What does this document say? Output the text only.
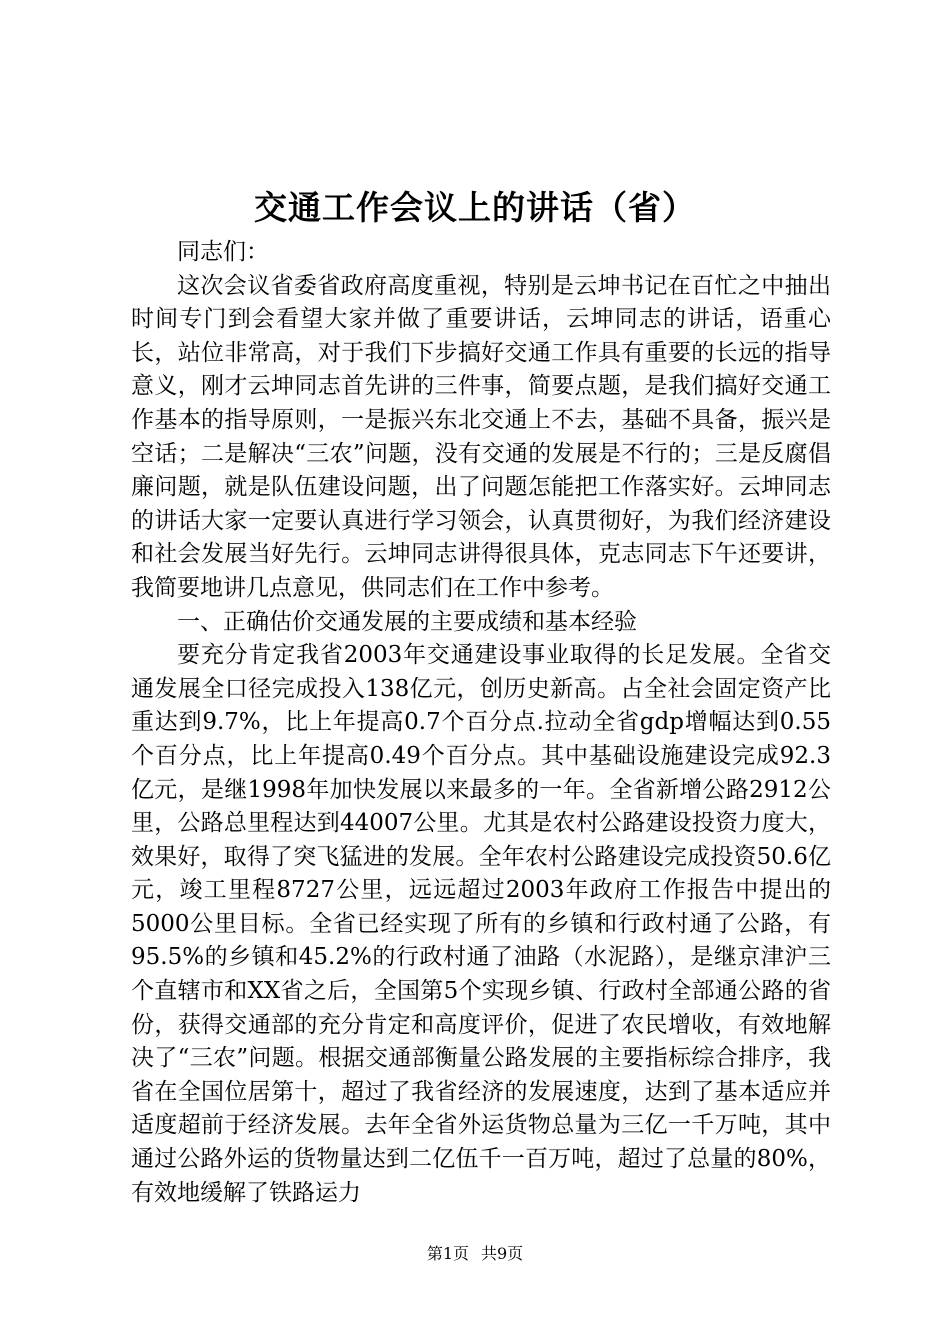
交通工作会议上的讲话（省）

同志们：

这次会议省委省政府高度重视，特别是云坤书记在百忙之中抽出时间专门到会看望大家并做了重要讲话，云坤同志的讲话，语重心长，站位非常高，对于我们下步搞好交通工作具有重要的长远的指导意义，刚才云坤同志首先讲的三件事，简要点题，是我们搞好交通工作基本的指导原则，一是振兴东北交通上不去，基础不具备，振兴是空话；二是解决“三农”问题，没有交通的发展是不行的；三是反腐倡廉问题，就是队伍建设问题，出了问题怎能把工作落实好。云坤同志的讲话大家一定要认真进行学习领会，认真贯彻好，为我们经济建设和社会发展当好先行。云坤同志讲得很具体，克志同志下午还要讲，我简要地讲几点意见，供同志们在工作中参考。

一、正确估价交通发展的主要成绩和基本经验

要充分肯定我省2003年交通建设事业取得的长足发展。全省交通发展全口径完成投入138亿元，创历史新高。占全社会固定资产比重达到9.7%，比上年提高0.7个百分点.拉动全省gdp增幅达到0.55个百分点，比上年提高0.49个百分点。其中基础设施建设完成92.3亿元，是继1998年加快发展以来最多的一年。全省新增公路2912公里，公路总里程达到44007公里。尤其是农村公路建设投资力度大，效果好，取得了突飞猛进的发展。全年农村公路建设完成投资50.6亿元，竣工里程8727公里，远远超过2003年政府工作报告中提出的5000公里目标。全省已经实现了所有的乡镇和行政村通了公路，有95.5%的乡镇和45.2%的行政村通了油路（水泥路），是继京津沪三个直辖市和XX省之后，全国第5个实现乡镇、行政村全部通公路的省份，获得交通部的充分肯定和高度评价，促进了农民增收，有效地解决了“三农”问题。根据交通部衡量公路发展的主要指标综合排序，我省在全国位居第十，超过了我省经济的发展速度，达到了基本适应并适度超前于经济发展。去年全省外运货物总量为三亿一千万吨，其中通过公路外运的货物量达到二亿伍千一百万吨，超过了总量的80%，有效地缓解了铁路运力

第1页 共9页
